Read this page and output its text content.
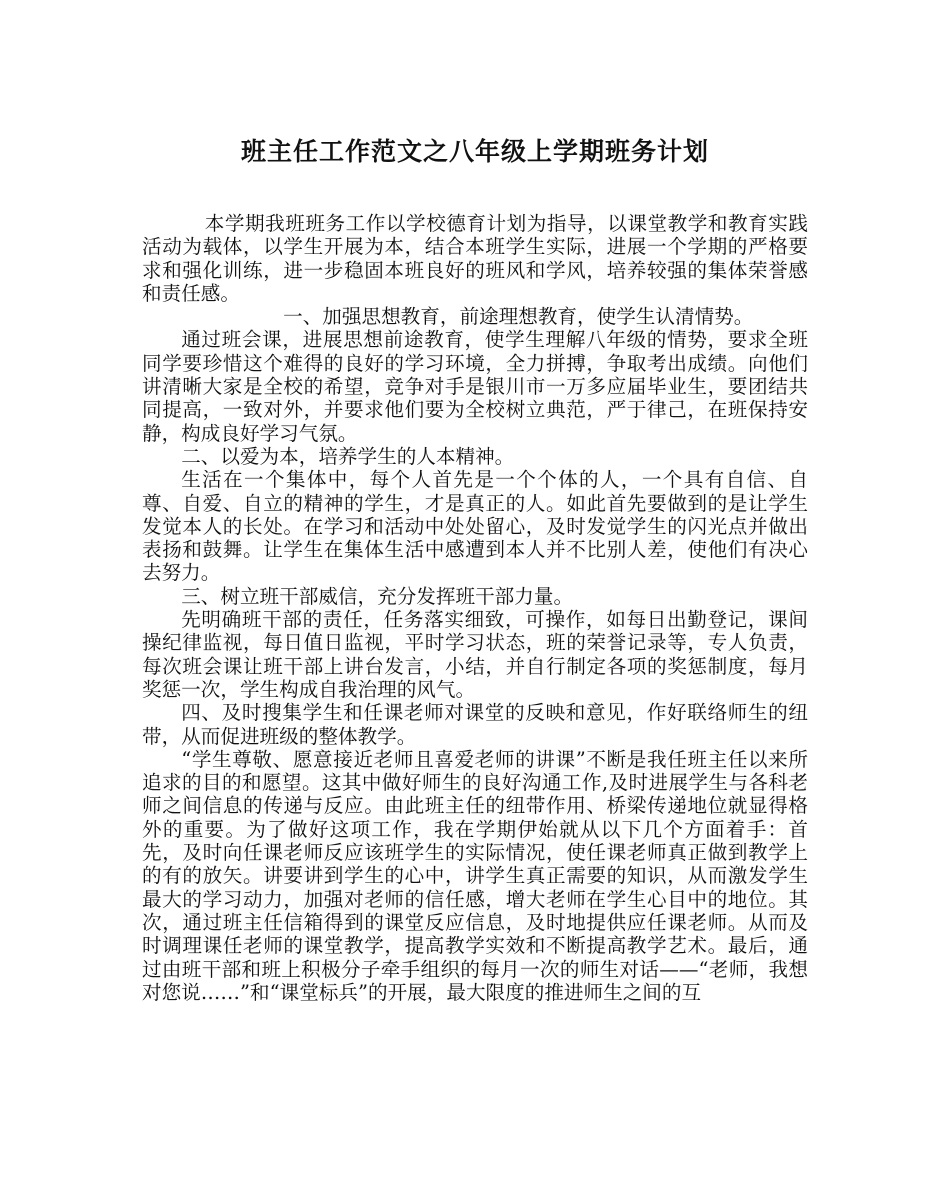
班主任工作范文之八年级上学期班务计划

本学期我班班务工作以学校德育计划为指导，以课堂教学和教育实践活动为载体，以学生开展为本，结合本班学生实际，进展一个学期的严格要求和强化训练，进一步稳固本班良好的班风和学风，培养较强的集体荣誉感和责任感。

一、加强思想教育，前途理想教育，使学生认清情势。

通过班会课，进展思想前途教育，使学生理解八年级的情势，要求全班同学要珍惜这个难得的良好的学习环境，全力拼搏，争取考出成绩。向他们讲清晰大家是全校的希望，竞争对手是银川市一万多应届毕业生，要团结共同提高，一致对外，并要求他们要为全校树立典范，严于律己，在班保持安静，构成良好学习气氛。

二、以爱为本，培养学生的人本精神。

生活在一个集体中，每个人首先是一个个体的人，一个具有自信、自尊、自爱、自立的精神的学生，才是真正的人。如此首先要做到的是让学生发觉本人的长处。在学习和活动中处处留心，及时发觉学生的闪光点并做出表扬和鼓舞。让学生在集体生活中感遭到本人并不比别人差，使他们有决心去努力。

三、树立班干部威信，充分发挥班干部力量。

先明确班干部的责任，任务落实细致，可操作，如每日出勤登记，课间操纪律监视，每日值日监视，平时学习状态，班的荣誉记录等，专人负责，每次班会课让班干部上讲台发言，小结，并自行制定各项的奖惩制度，每月奖惩一次，学生构成自我治理的风气。

四、及时搜集学生和任课老师对课堂的反映和意见，作好联络师生的纽带，从而促进班级的整体教学。

“学生尊敬、愿意接近老师且喜爱老师的讲课”不断是我任班主任以来所追求的目的和愿望。这其中做好师生的良好沟通工作,及时进展学生与各科老师之间信息的传递与反应。由此班主任的纽带作用、桥梁传递地位就显得格外的重要。为了做好这项工作，我在学期伊始就从以下几个方面着手：首先，及时向任课老师反应该班学生的实际情况，使任课老师真正做到教学上的有的放矢。讲要讲到学生的心中，讲学生真正需要的知识，从而激发学生最大的学习动力，加强对老师的信任感，增大老师在学生心目中的地位。其次，通过班主任信箱得到的课堂反应信息，及时地提供应任课老师。从而及时调理课任老师的课堂教学，提高教学实效和不断提高教学艺术。最后，通过由班干部和班上积极分子牵手组织的每月一次的师生对话——“老师，我想对您说……”和“课堂标兵”的开展，最大限度的推进师生之间的互
